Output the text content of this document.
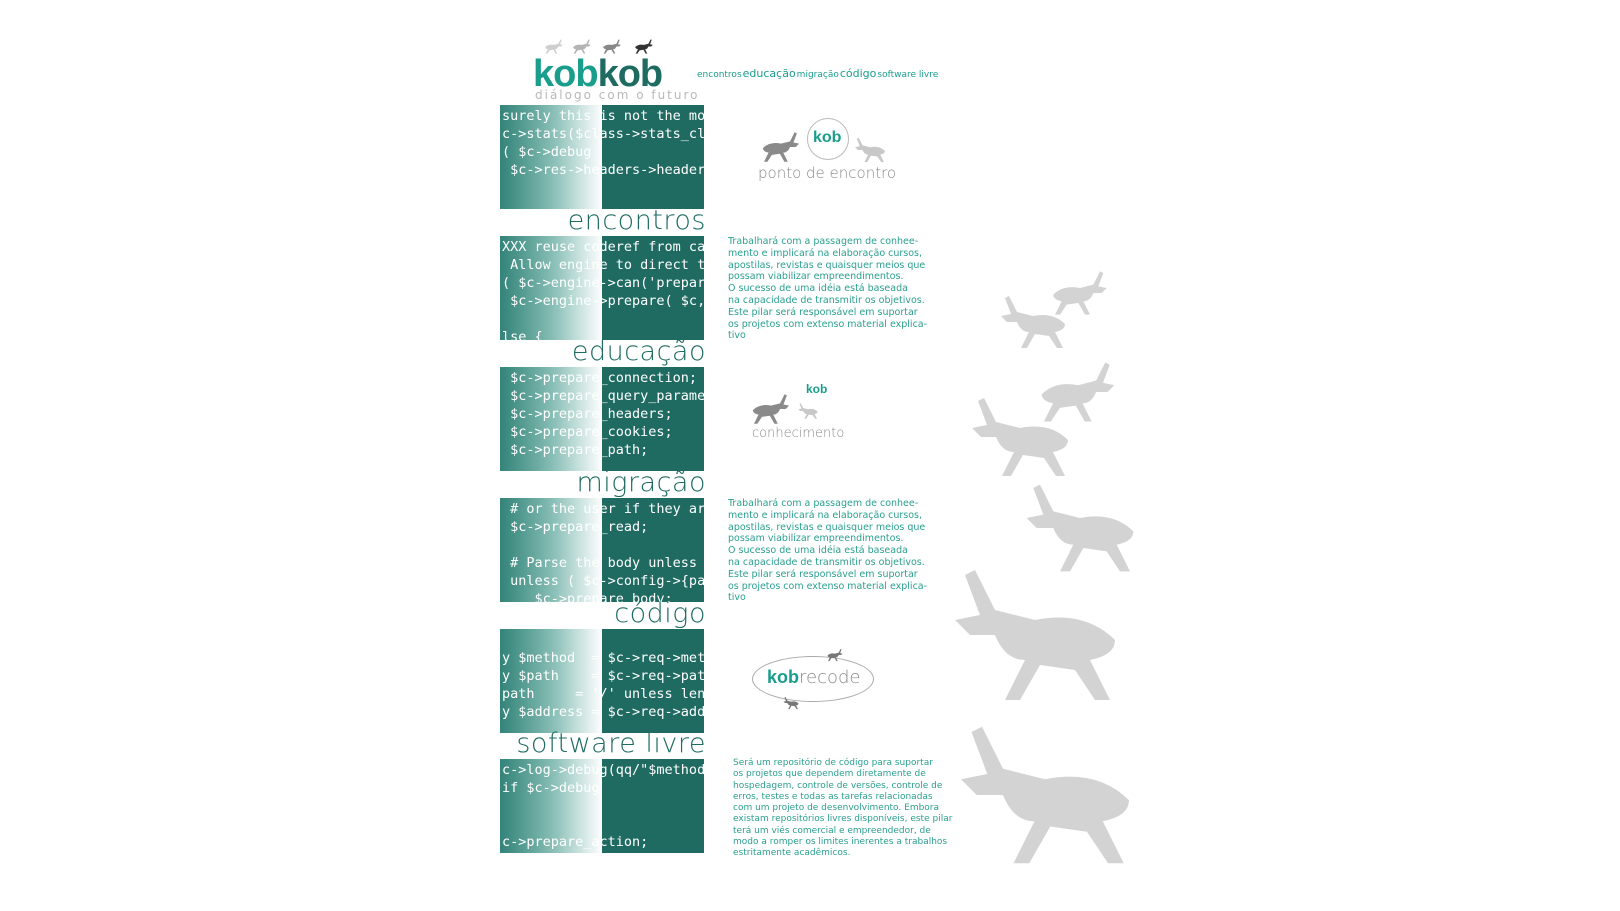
kobkob
diálogo com o futuro
encontroseducaçãomigraçãocódigosoftware livre
surely this is not the most effici
c->stats($class->stats_class->new
( $c->debug
$c->res->headers->header( 'X-
encontros
XXX reuse coderef from can
Allow engine to direct the pre
( $c->engine->can('prepare') ) {
$c->engine->prepare( $c, @ar

lse {	educação
$c->prepare_connection;
$c->prepare_query_parame
$c->prepare_headers;
$c->prepare_cookies;
$c->prepare_path;
migração
# or the user if they are usin
$c->prepare_read;

# Parse the body unless the
unless ( $c->config->{parse_o
$c->prepare_body;
código

y $method  = $c->req->method
y $path    = $c->req->path;
path     = '/' unless length $pa
y $address = $c->req->address
software livre
c->log->debug(qq/"$method" re
if $c->debug

c->prepare_action;

ture $c
kob
ponto de encontro
kob
conhecimento
kobrecode
Trabalhará com a passagem de conhee-
mento e implicará na elaboração cursos,
apostilas, revistas e quaisquer meios que
possam viabilizar empreendimentos.
O sucesso de uma idéia está baseada
na capacidade de transmitir os objetivos.
Este pilar será responsável em suportar
os projetos com extenso material explica-
tivo
Trabalhará com a passagem de conhee-
mento e implicará na elaboração cursos,
apostilas, revistas e quaisquer meios que
possam viabilizar empreendimentos.
O sucesso de uma idéia está baseada
na capacidade de transmitir os objetivos.
Este pilar será responsável em suportar
os projetos com extenso material explica-
tivo
Será um repositório de código para suportar
os projetos que dependem diretamente de
hospedagem, controle de versões, controle de
erros, testes e todas as tarefas relacionadas
com um projeto de desenvolvimento. Embora
existam repositórios livres disponíveis, este pilar
terá um viés comercial e empreendedor, de
modo a romper os limites inerentes a trabalhos
estritamente acadêmicos.
